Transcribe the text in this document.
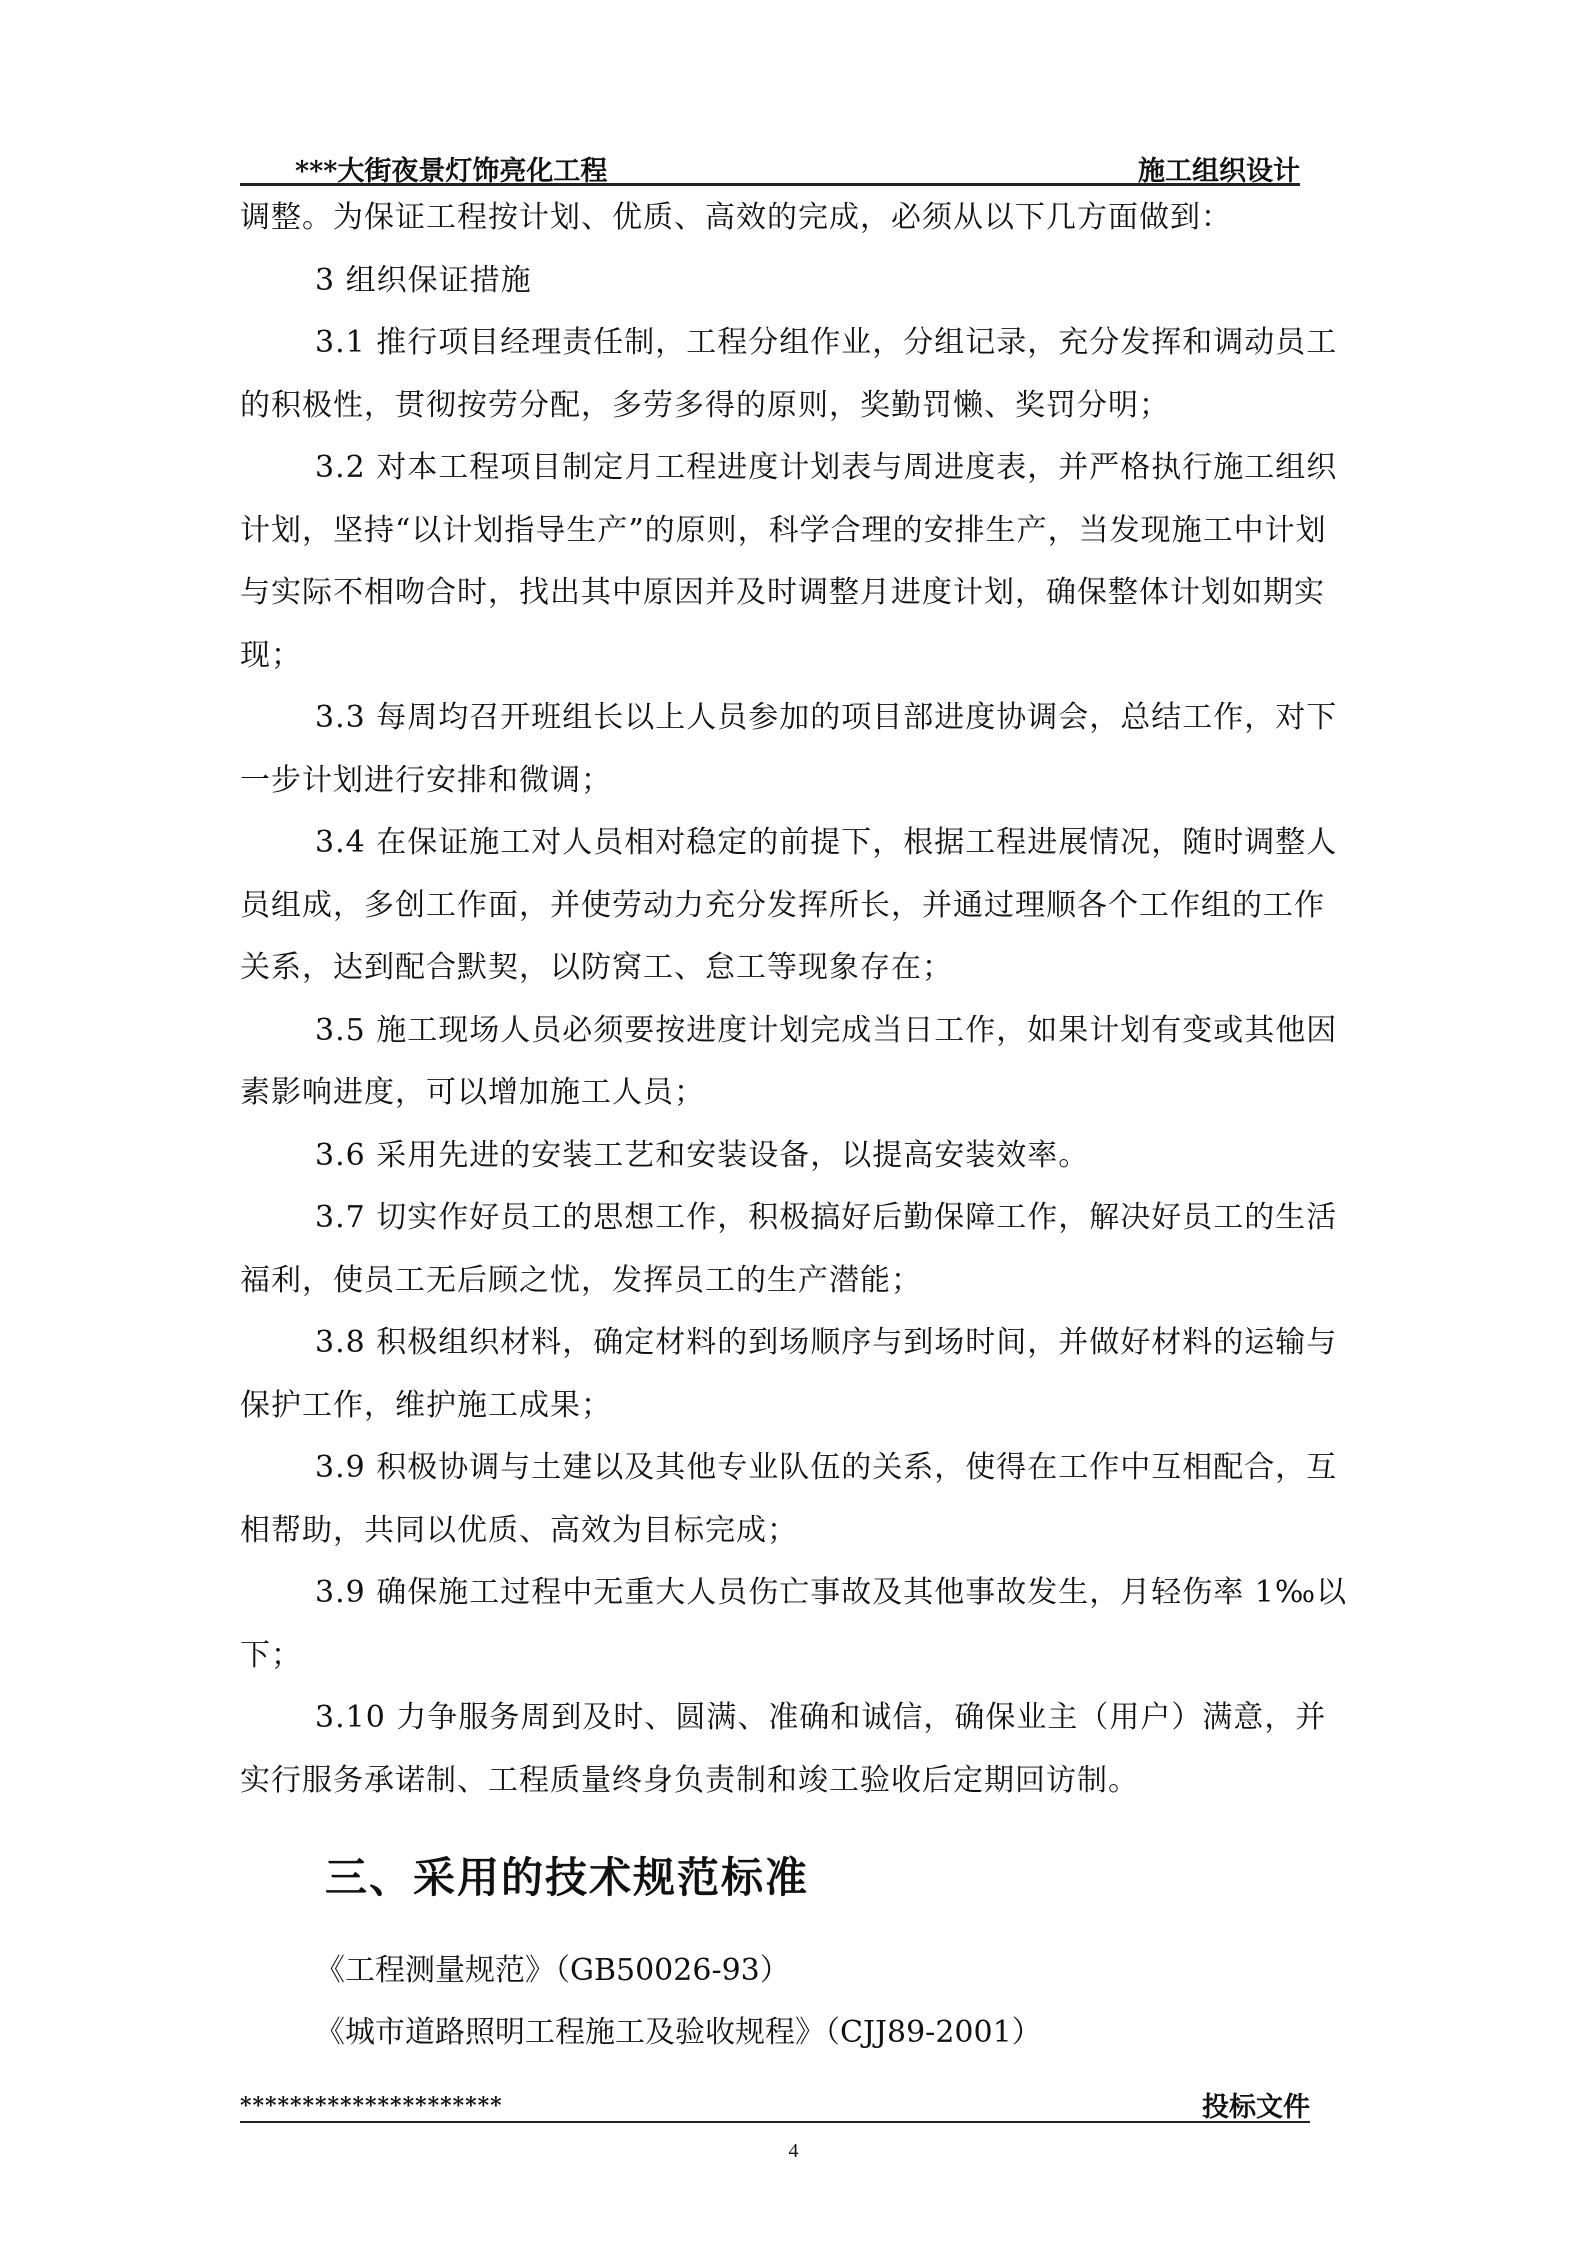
***大街夜景灯饰亮化工程	施工组织设计

调整。为保证工程按计划、优质、高效的完成，必须从以下几方面做到：

3 组织保证措施

3.1 推行项目经理责任制，工程分组作业，分组记录，充分发挥和调动员工的积极性，贯彻按劳分配，多劳多得的原则，奖勤罚懒、奖罚分明；

3.2 对本工程项目制定月工程进度计划表与周进度表，并严格执行施工组织计划，坚持“以计划指导生产”的原则，科学合理的安排生产，当发现施工中计划与实际不相吻合时，找出其中原因并及时调整月进度计划，确保整体计划如期实现；

3.3 每周均召开班组长以上人员参加的项目部进度协调会，总结工作，对下一步计划进行安排和微调；

3.4 在保证施工对人员相对稳定的前提下，根据工程进展情况，随时调整人员组成，多创工作面，并使劳动力充分发挥所长，并通过理顺各个工作组的工作关系，达到配合默契，以防窝工、怠工等现象存在；

3.5 施工现场人员必须要按进度计划完成当日工作，如果计划有变或其他因素影响进度，可以增加施工人员；

3.6 采用先进的安装工艺和安装设备，以提高安装效率。

3.7 切实作好员工的思想工作，积极搞好后勤保障工作，解决好员工的生活福利，使员工无后顾之忧，发挥员工的生产潜能；

3.8 积极组织材料，确定材料的到场顺序与到场时间，并做好材料的运输与保护工作，维护施工成果；

3.9 积极协调与土建以及其他专业队伍的关系，使得在工作中互相配合，互相帮助，共同以优质、高效为目标完成；

3.9 确保施工过程中无重大人员伤亡事故及其他事故发生，月轻伤率 1‰以下；

3.10 力争服务周到及时、圆满、准确和诚信，确保业主（用户）满意，并实行服务承诺制、工程质量终身负责制和竣工验收后定期回访制。

三、采用的技术规范标准
《工程测量规范》（GB50026-93）
《城市道路照明工程施工及验收规程》（CJJ89-2001）
*********************	投标文件
4
